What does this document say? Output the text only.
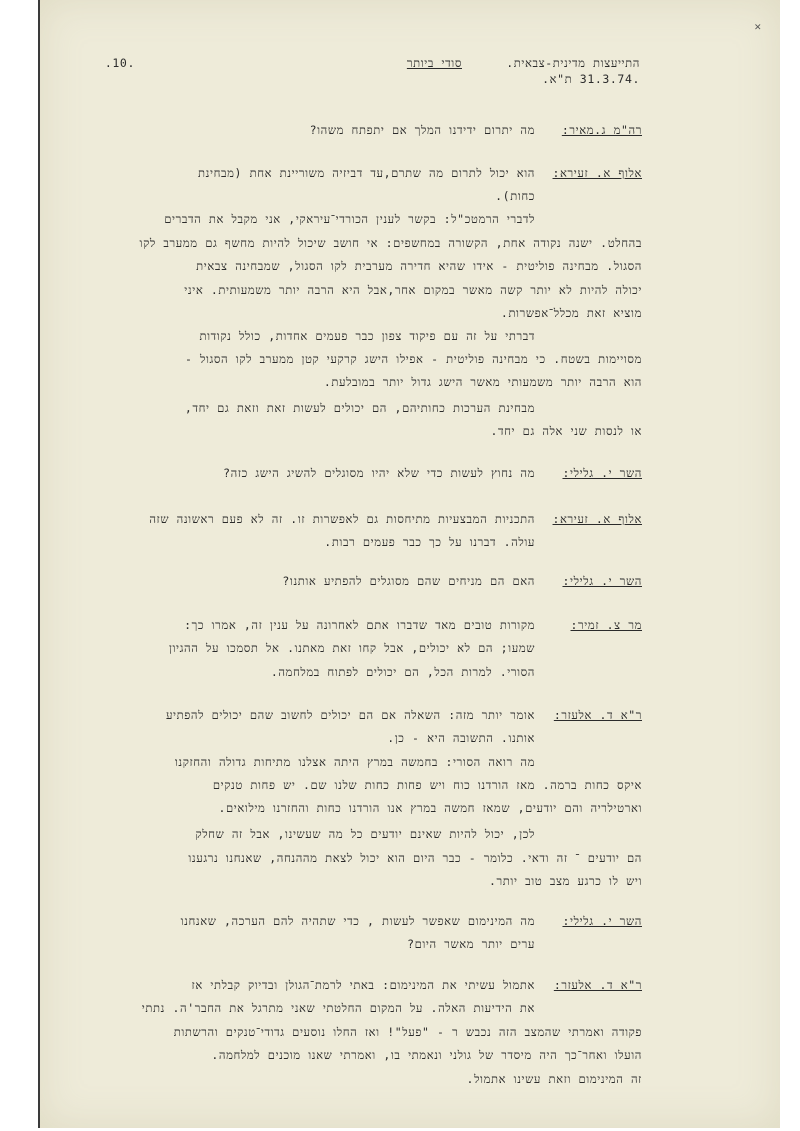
✕
התייעצות מדינית-צבאית.
.31.3.74 ת"א.
סודי ביותר
.10.
רה"מ ג.מאיר:
מה יתרום ידידנו המלך אם יתפתח משהו?
אלוף א. זעירא:
הוא יכול לתרום מה שתרם,עד דביזיה משוריינת אחת (מבחינת
כחות).
לדברי הרמטכ"ל: בקשר לענין הכורדי־עיראקי, אני מקבל את הדברים
בהחלט. ישנה נקודה אחת, הקשורה במחשפים: אי חושב שיכול להיות מחשף גם ממערב לקו
הסגול. מבחינה פוליטית - אידו שהיא חדירה מערבית לקו הסגול, שמבחינה צבאית
יכולה להיות לא יותר קשה מאשר במקום אחר,אבל היא הרבה יותר משמעותית. איני
מוציא זאת מכלל־אפשרות.
דברתי על זה עם פיקוד צפון כבר פעמים אחדות, כולל נקודות
מסויימות בשטח. כי מבחינה פוליטית - אפילו הישג קרקעי קטן ממערב לקו הסגול -
הוא הרבה יותר משמעותי מאשר הישג גדול יותר במובלעת.
מבחינת הערכות כחותיהם, הם יכולים לעשות זאת וזאת גם יחד,
או לנסות שני אלה גם יחד.
השר י. גלילי:
מה נחוץ לעשות כדי שלא יהיו מסוגלים להשיג הישג כזה?
אלוף א. זעירא:
התכניות המבצעיות מתיחסות גם לאפשרות זו. זה לא פעם ראשונה שזה
עולה. דברנו על כך כבר פעמים רבות.
השר י. גלילי:
האם הם מניחים שהם מסוגלים להפתיע אותנו?
מר צ. זמיר:
מקורות טובים מאד שדברו אתם לאחרונה על ענין זה, אמרו כך:
שמעו; הם לא יכולים, אבל קחו זאת מאתנו. אל תסמכו על ההגיון
הסורי. למרות הכל, הם יכולים לפתוח במלחמה.
ר"א ד. אלעזר:
אומר יותר מזה: השאלה אם הם יכולים לחשוב שהם יכולים להפתיע
אותנו. התשובה היא - כן.
מה רואה הסורי: בחמשה במרץ היתה אצלנו מתיחות גדולה והחזקנו
איקס כחות ברמה. מאז הורדנו כוח ויש פחות כחות שלנו שם. יש פחות טנקים
וארטילריה והם יודעים, שמאז חמשה במרץ אנו הורדנו כחות והחזרנו מילואים.
לכן, יכול להיות שאינם יודעים כל מה שעשינו, אבל זה שחלק
הם יודעים ־ זה ודאי. כלומר - כבר היום הוא יכול לצאת מההנחה, שאנחנו נרגענו
ויש לו כרגע מצב טוב יותר.
השר י. גלילי:
מה המינימום שאפשר לעשות , כדי שתהיה להם הערכה, שאנחנו
ערים יותר מאשר היום?
ר"א ד. אלעזר:
אתמול עשיתי את המינימום: באתי לרמת־הגולן ובדיוק קבלתי אז
את הידיעות האלה. על המקום החלטתי שאני מתרגל את החבר'ה. נתתי
פקודה ואמרתי שהמצב הזה נכבש ר - "פעל"! ואז החלו נוסעים גדודי־טנקים והרשתות
הועלו ואחר־כך היה מיסדר של גולני ונאמתי בו, ואמרתי שאנו מוכנים למלחמה.
זה המינימום וזאת עשינו אתמול.
